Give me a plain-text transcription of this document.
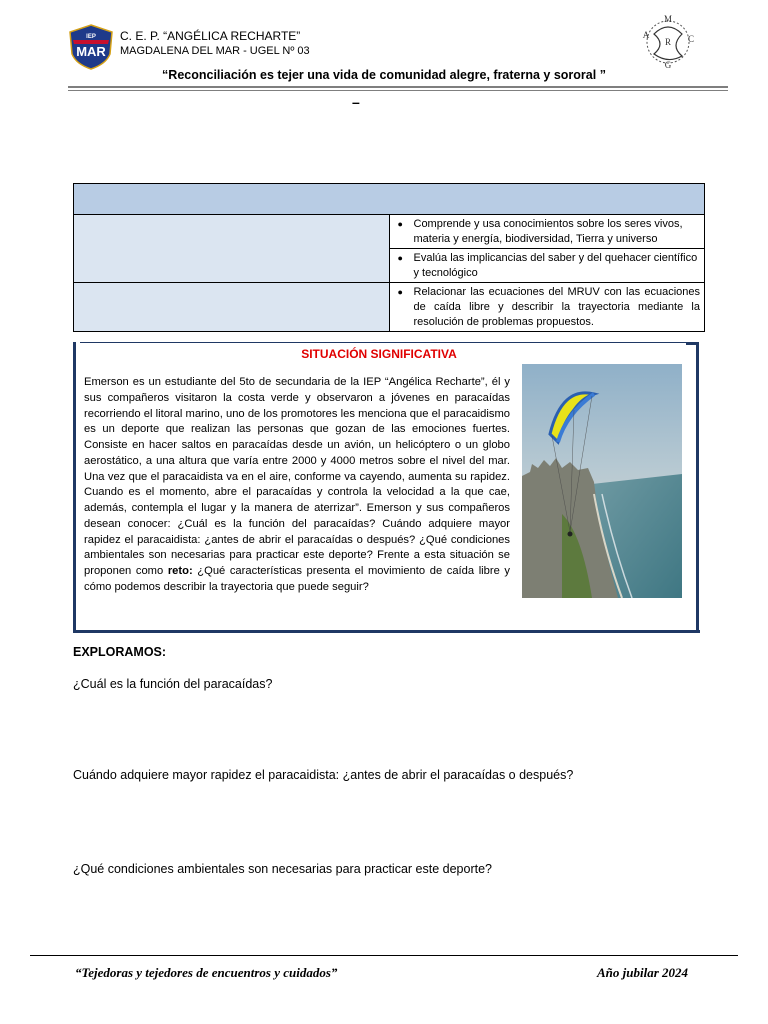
IEP
MAR
C. E. P. “ANGÉLICA RECHARTE”
MAGDALENA DEL MAR - UGEL Nº 03
M
A	C
G
R
“Reconciliación es tejer una vida de comunidad alegre, fraterna y sororal ”
–

	● Comprende y usa conocimientos sobre los seres vivos, materia y energía, biodiversidad, Tierra y universo

	● Evalúa las implicancias del saber y del quehacer científico y tecnológico

	● Relacionar las ecuaciones del MRUV con las ecuaciones de caída libre y describir la trayectoria mediante la resolución de problemas propuestos.
SITUACIÓN SIGNIFICATIVA
Emerson es un estudiante del 5to de secundaria de la IEP “Angélica Recharte”, él y sus compañeros visitaron la costa verde y observaron a jóvenes en paracaídas recorriendo el litoral marino, uno de los promotores les menciona que el paracaidismo es un deporte que realizan las personas que gozan de las emociones fuertes. Consiste en hacer saltos en paracaídas desde un avión, un helicóptero o un globo aerostático, a una altura que varía entre 2000 y 4000 metros sobre el nivel del mar. Una vez que el paracaidista va en el aire, conforme va cayendo, aumenta su rapidez. Cuando es el momento, abre el paracaídas y controla la velocidad a la que cae, además, contempla el lugar y la manera de aterrizar”. Emerson y sus compañeros desean conocer: ¿Cuál es la función del paracaídas? Cuándo adquiere mayor rapidez el paracaidista: ¿antes de abrir el paracaídas o después? ¿Qué condiciones ambientales son necesarias para practicar este deporte? Frente a esta situación se proponen como reto: ¿Qué características presenta el movimiento de caída libre y cómo podemos describir la trayectoria que puede seguir?
EXPLORAMOS:
¿Cuál es la función del paracaídas?
Cuándo adquiere mayor rapidez el paracaidista: ¿antes de abrir el paracaídas o después?
¿Qué condiciones ambientales son necesarias para practicar este deporte?
“Tejedoras y tejedores de encuentros y cuidados”	Año jubilar 2024
